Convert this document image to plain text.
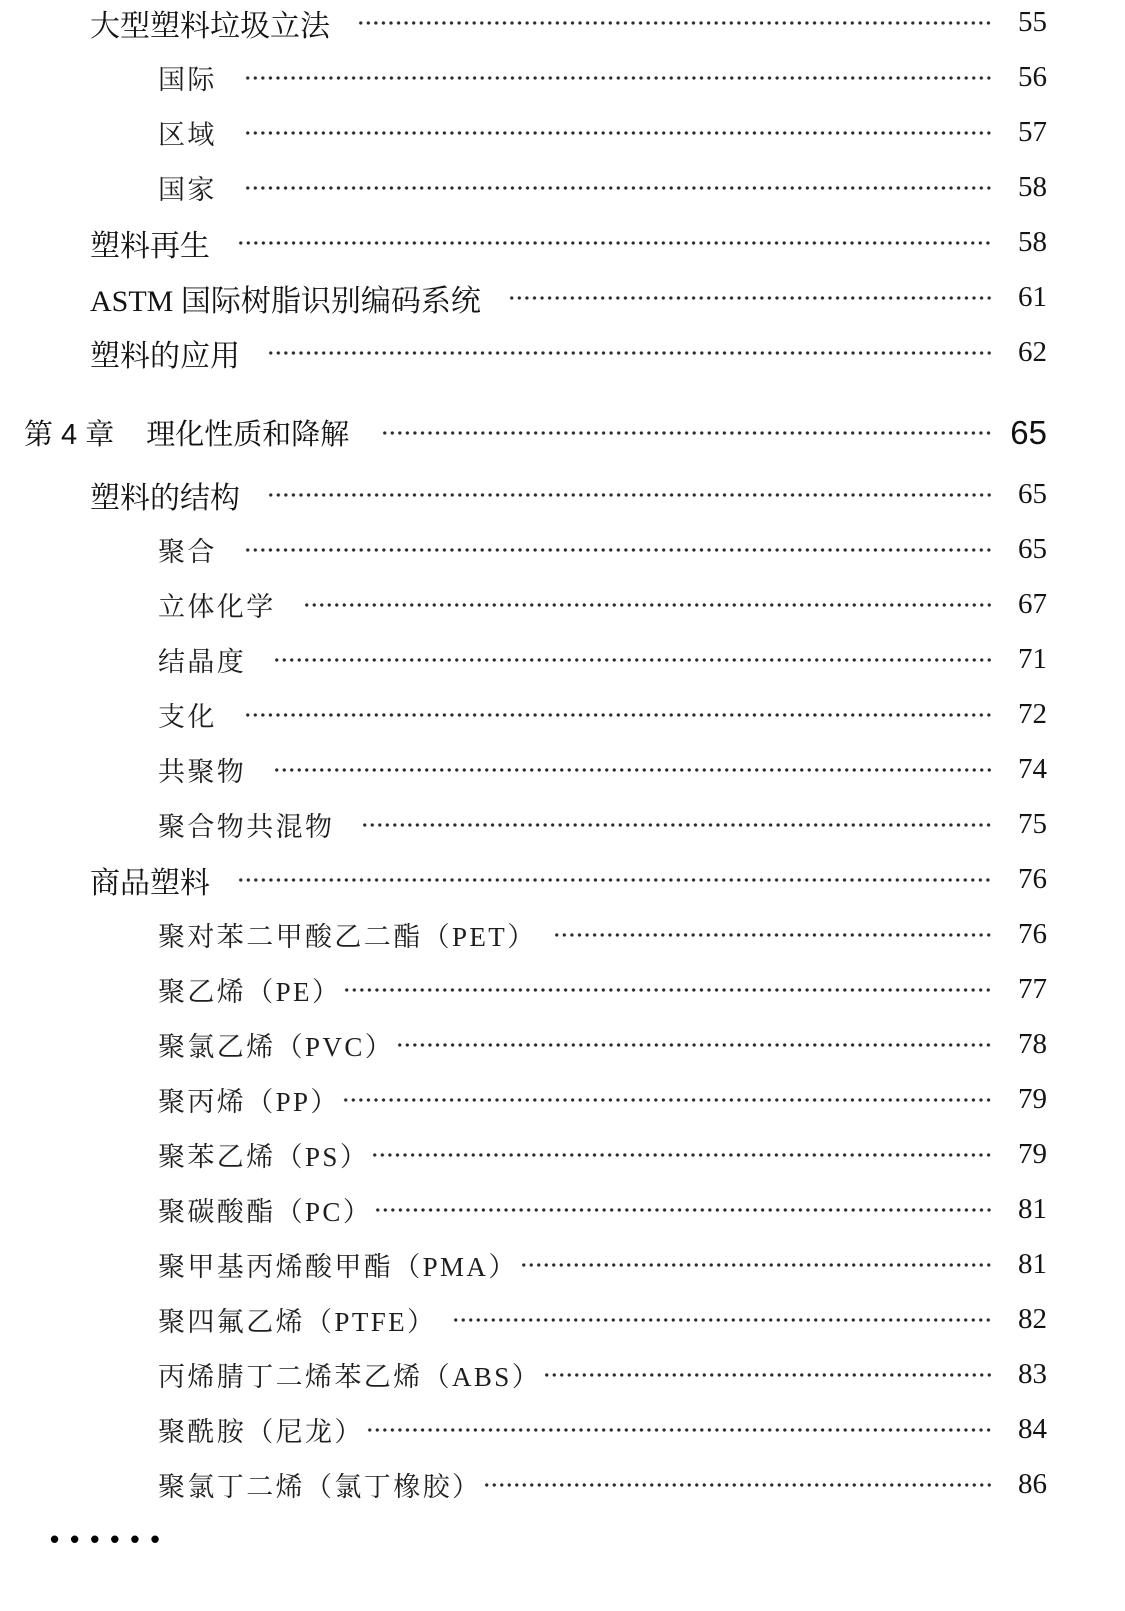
大型塑料垃圾立法	55
国际	56
区域	57
国家	58
塑料再生	58
ASTM 国际树脂识别编码系统	61
塑料的应用	62
第 4 章 理化性质和降解	65
塑料的结构	65
聚合	65
立体化学	67
结晶度	71
支化	72
共聚物	74
聚合物共混物	75
商品塑料	76
聚对苯二甲酸乙二酯（PET）	76
聚乙烯（PE）	77
聚氯乙烯（PVC）	78
聚丙烯（PP）	79
聚苯乙烯（PS）	79
聚碳酸酯（PC）	81
聚甲基丙烯酸甲酯（PMA）	81
聚四氟乙烯（PTFE）	82
丙烯腈丁二烯苯乙烯（ABS）	83
聚酰胺（尼龙）	84
聚氯丁二烯（氯丁橡胶）	86
••••••
